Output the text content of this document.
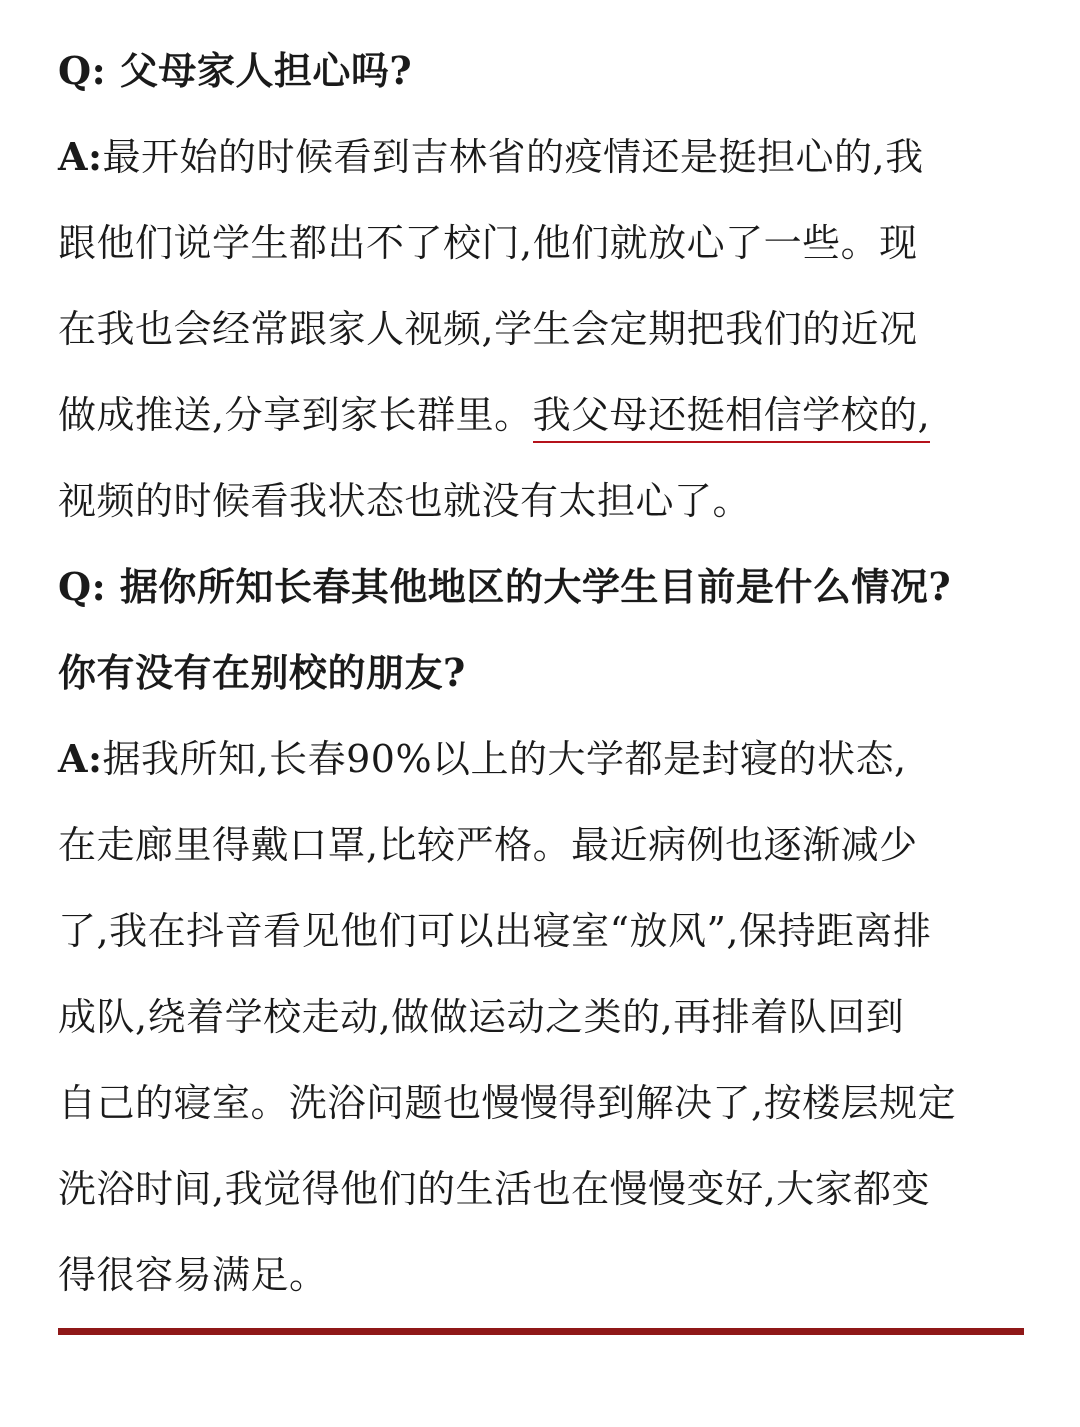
Q: 父母家人担心吗?
A:最开始的时候看到吉林省的疫情还是挺担心的,我
跟他们说学生都出不了校门,他们就放心了一些。现
在我也会经常跟家人视频,学生会定期把我们的近况
做成推送,分享到家长群里。我父母还挺相信学校的,
视频的时候看我状态也就没有太担心了。
Q: 据你所知长春其他地区的大学生目前是什么情况?
你有没有在别校的朋友?
A:据我所知,长春90%以上的大学都是封寝的状态,
在走廊里得戴口罩,比较严格。最近病例也逐渐减少
了,我在抖音看见他们可以出寝室“放风”,保持距离排
成队,绕着学校走动,做做运动之类的,再排着队回到
自己的寝室。洗浴问题也慢慢得到解决了,按楼层规定
洗浴时间,我觉得他们的生活也在慢慢变好,大家都变
得很容易满足。
